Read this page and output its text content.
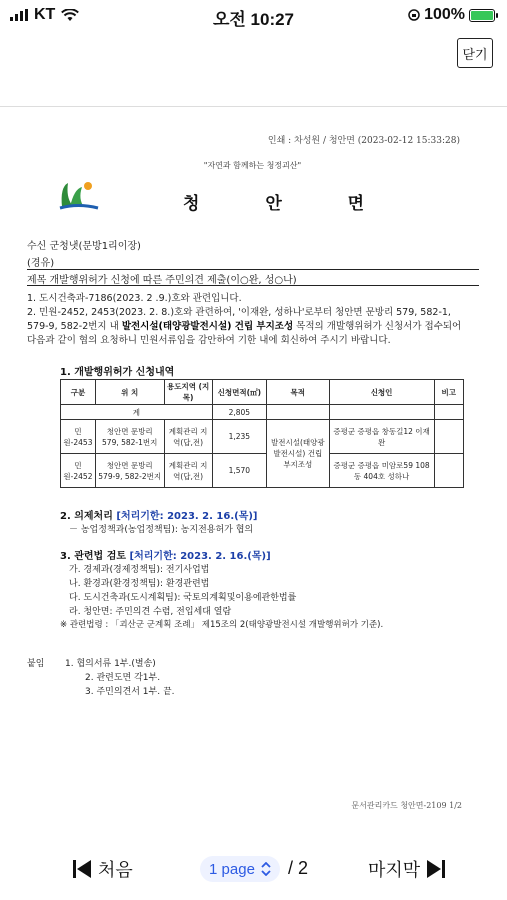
KT	오전 10:27	100%
닫기
인쇄 : 차성원 / 청안면 (2023-02-12 15:33:28)
"자연과 함께하는 청정괴산"
청 안 면
수신 군청냇(문방1리이장)
(경유)
제목 개발행위허가 신청에 따른 주민의견 제출(이○완, 성○나)
1. 도시건축과-7186(2023. 2 .9.)호와 관련입니다.
2. 민원-2452, 2453(2023. 2. 8.)호와 관련하여, '이재완, 성하나'로부터 청안면 문방리 579, 582-1, 579-9, 582-2번지 내 발전시설(태양광발전시설) 건립 부지조성 목적의 개발행위허가 신청서가 접수되어 다음과 같이 협의 요청하니 민원서류임을 감안하여 기한 내에 회신하여 주시기 바랍니다.
1. 개발행위허가 신청내역
구분	위 치	용도지역 (지목)	신청면적(㎡)	목적	신청인	비고
계			2,805			
민원-2453	청안면 문방리 579, 582-1번지	계획관리 지역(답,전)	1,235	발전시설(태양광 발전시설) 건립 부지조성	증평군 증평읍 창동길12 이재완	
민원-2452	청안면 문방리 579-9, 582-2번지	계획관리 지역(답,전)	1,570		증평군 증평읍 미암로59 108동 404호 성하나	
2. 의제처리 [처리기한: 2023. 2. 16.(목)]
－ 농업정책과(농업정책팀): 농지전용허가 협의
3. 관련법 검토 [처리기한: 2023. 2. 16.(목)]
가. 경제과(경제정책팀): 전기사업법
나. 환경과(환경정책팀): 환경관련법
다. 도시건축과(도시계획팀): 국토의계획및이용에관한법률
라. 청안면: 주민의견 수렴, 전입세대 열람
※ 관련법령 : 「괴산군 군계획 조례」 제15조의 2(태양광발전시설 개발행위허가 기준).
붙임 1. 협의서류 1부.(별송)
2. 관련도면 각1부.
3. 주민의견서 1부. 끝.
문서관리카드 청안면-2109 1/2
처음	1 page / 2	마지막
